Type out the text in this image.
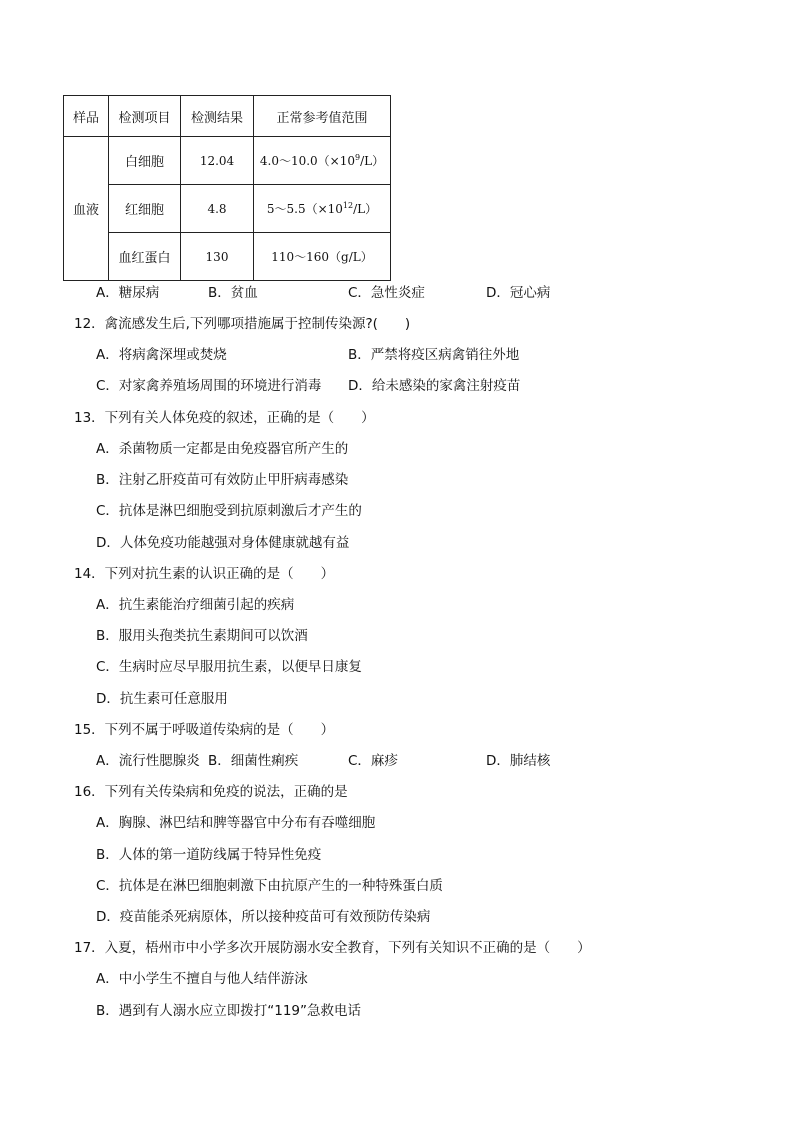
样品	检测项目	检测结果	正常参考值范围
血液	白细胞	12.04	$4.0\sim 10.0(\times 10^9/L)$
	红细胞	4.8	$5\sim 5.5(\times 10^{12}/L)$
	血红蛋白	130	110～160（g/L）
A．糖尿病	B．贫血	C．急性炎症	D．冠心病
12．禽流感发生后,下列哪项措施属于控制传染源?(　　)
A．将病禽深埋或焚烧	B．严禁将疫区病禽销往外地
C．对家禽养殖场周围的环境进行消毒 D．给未感染的家禽注射疫苗
13．下列有关人体免疫的叙述，正确的是（　　）
A．杀菌物质一定都是由免疫器官所产生的
B．注射乙肝疫苗可有效防止甲肝病毒感染
C．抗体是淋巴细胞受到抗原刺激后才产生的
D．人体免疫功能越强对身体健康就越有益
14．下列对抗生素的认识正确的是（　　）
A．抗生素能治疗细菌引起的疾病
B．服用头孢类抗生素期间可以饮酒
C．生病时应尽早服用抗生素，以便早日康复
D．抗生素可任意服用
15．下列不属于呼吸道传染病的是（　　）
A．流行性腮腺炎 B．细菌性痢疾	C．麻疹	D．肺结核
16．下列有关传染病和免疫的说法，正确的是
A．胸腺、淋巴结和脾等器官中分布有吞噬细胞
B．人体的第一道防线属于特异性免疫
C．抗体是在淋巴细胞刺激下由抗原产生的一种特殊蛋白质
D．疫苗能杀死病原体，所以接种疫苗可有效预防传染病
17．入夏，梧州市中小学多次开展防溺水安全教育，下列有关知识不正确的是（　　）
A．中小学生不擅自与他人结伴游泳
B．遇到有人溺水应立即拨打“119”急救电话
